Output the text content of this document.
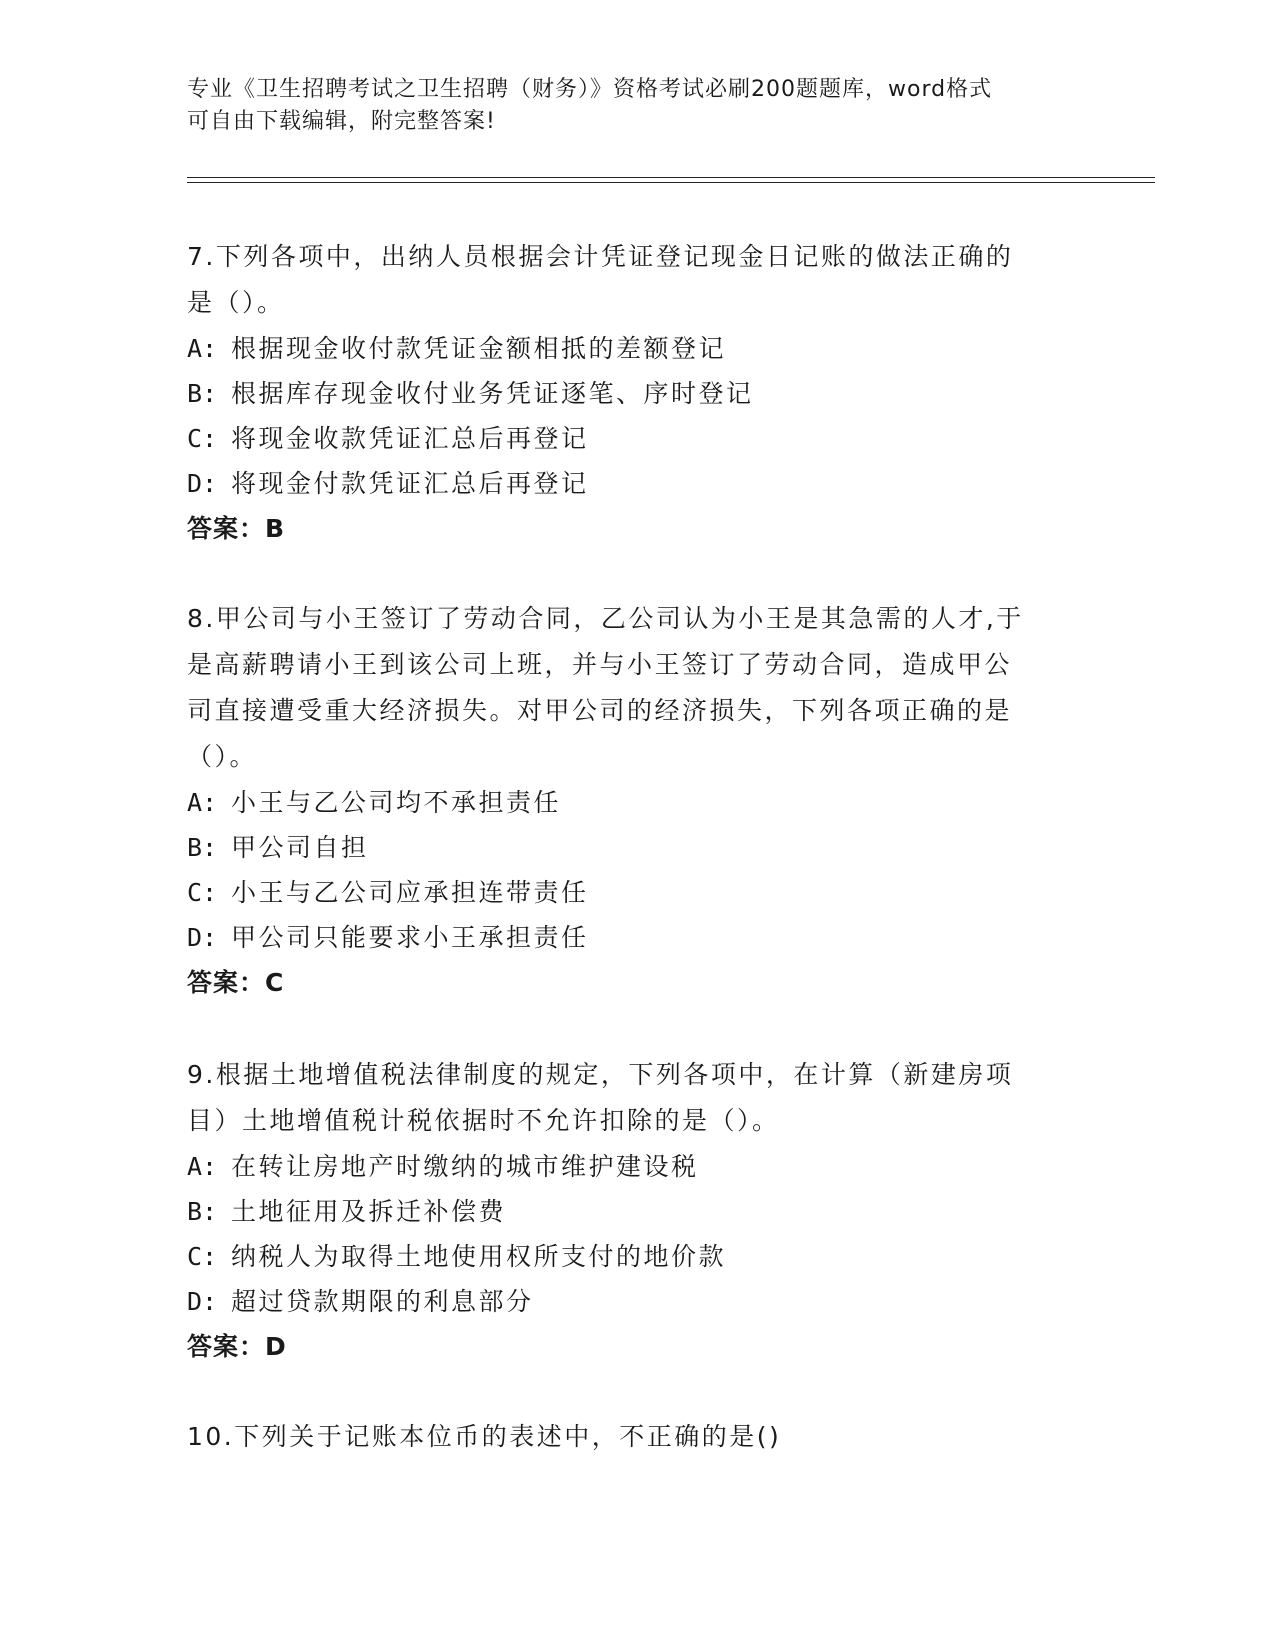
专业《卫生招聘考试之卫生招聘（财务）》资格考试必刷200题题库，word格式
可自由下载编辑，附完整答案!

7.下列各项中，出纳人员根据会计凭证登记现金日记账的做法正确的

是（）。

A: 根据现金收付款凭证金额相抵的差额登记

B: 根据库存现金收付业务凭证逐笔、序时登记

C: 将现金收款凭证汇总后再登记

D: 将现金付款凭证汇总后再登记

答案：B

8.甲公司与小王签订了劳动合同，乙公司认为小王是其急需的人才,于

是高薪聘请小王到该公司上班，并与小王签订了劳动合同，造成甲公

司直接遭受重大经济损失。对甲公司的经济损失，下列各项正确的是

（）。

A: 小王与乙公司均不承担责任

B: 甲公司自担

C: 小王与乙公司应承担连带责任

D: 甲公司只能要求小王承担责任

答案：C

9.根据土地增值税法律制度的规定，下列各项中，在计算（新建房项

目）土地增值税计税依据时不允许扣除的是（）。

A: 在转让房地产时缴纳的城市维护建设税

B: 土地征用及拆迁补偿费

C: 纳税人为取得土地使用权所支付的地价款

D: 超过贷款期限的利息部分

答案：D

10.下列关于记账本位币的表述中，不正确的是()
